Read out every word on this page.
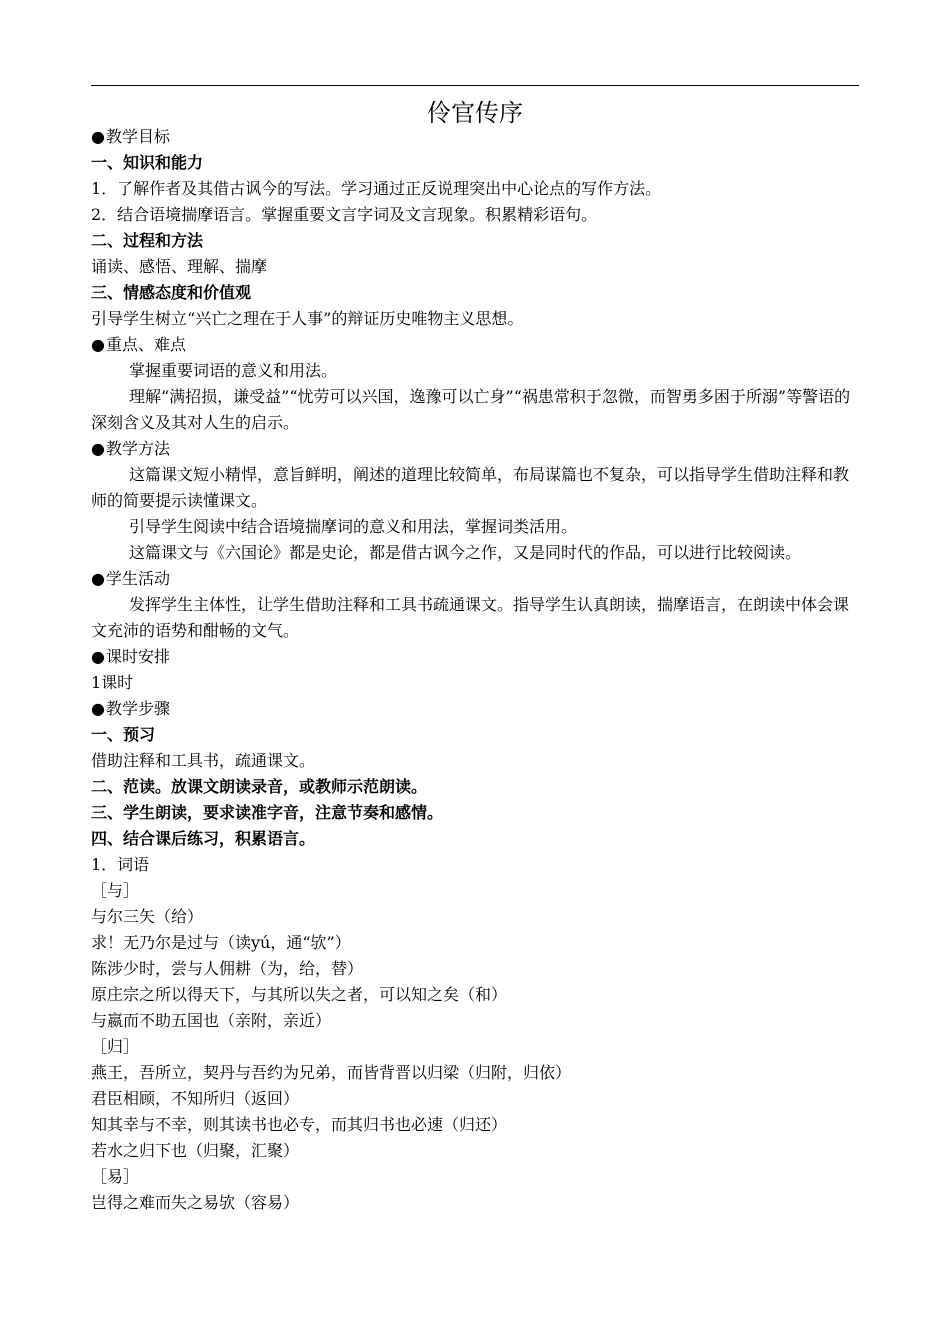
伶官传序

●教学目标

一、知识和能力

1．了解作者及其借古讽今的写法。学习通过正反说理突出中心论点的写作方法。

2．结合语境揣摩语言。掌握重要文言字词及文言现象。积累精彩语句。

二、过程和方法

诵读、感悟、理解、揣摩

三、情感态度和价值观

引导学生树立“兴亡之理在于人事”的辩证历史唯物主义思想。

●重点、难点

掌握重要词语的意义和用法。

理解“满招损，谦受益”“忧劳可以兴国，逸豫可以亡身”“祸患常积于忽微，而智勇多困于所溺”等警语的深刻含义及其对人生的启示。

●教学方法

这篇课文短小精悍，意旨鲜明，阐述的道理比较简单，布局谋篇也不复杂，可以指导学生借助注释和教师的简要提示读懂课文。

引导学生阅读中结合语境揣摩词的意义和用法，掌握词类活用。

这篇课文与《六国论》都是史论，都是借古讽今之作，又是同时代的作品，可以进行比较阅读。

●学生活动

发挥学生主体性，让学生借助注释和工具书疏通课文。指导学生认真朗读，揣摩语言，在朗读中体会课文充沛的语势和酣畅的文气。

●课时安排

1课时

●教学步骤

一、预习

借助注释和工具书，疏通课文。

二、范读。放课文朗读录音，或教师示范朗读。

三、学生朗读，要求读准字音，注意节奏和感情。

四、结合课后练习，积累语言。

1．词语

［与］

与尔三矢（给）

求！无乃尔是过与（读yú，通“欤”）

陈涉少时，尝与人佣耕（为，给，替）

原庄宗之所以得天下，与其所以失之者，可以知之矣（和）

与嬴而不助五国也（亲附，亲近）

［归］

燕王，吾所立，契丹与吾约为兄弟，而皆背晋以归梁（归附，归依）

君臣相顾，不知所归（返回）

知其幸与不幸，则其读书也必专，而其归书也必速（归还）

若水之归下也（归聚，汇聚）

［易］

岂得之难而失之易欤（容易）
